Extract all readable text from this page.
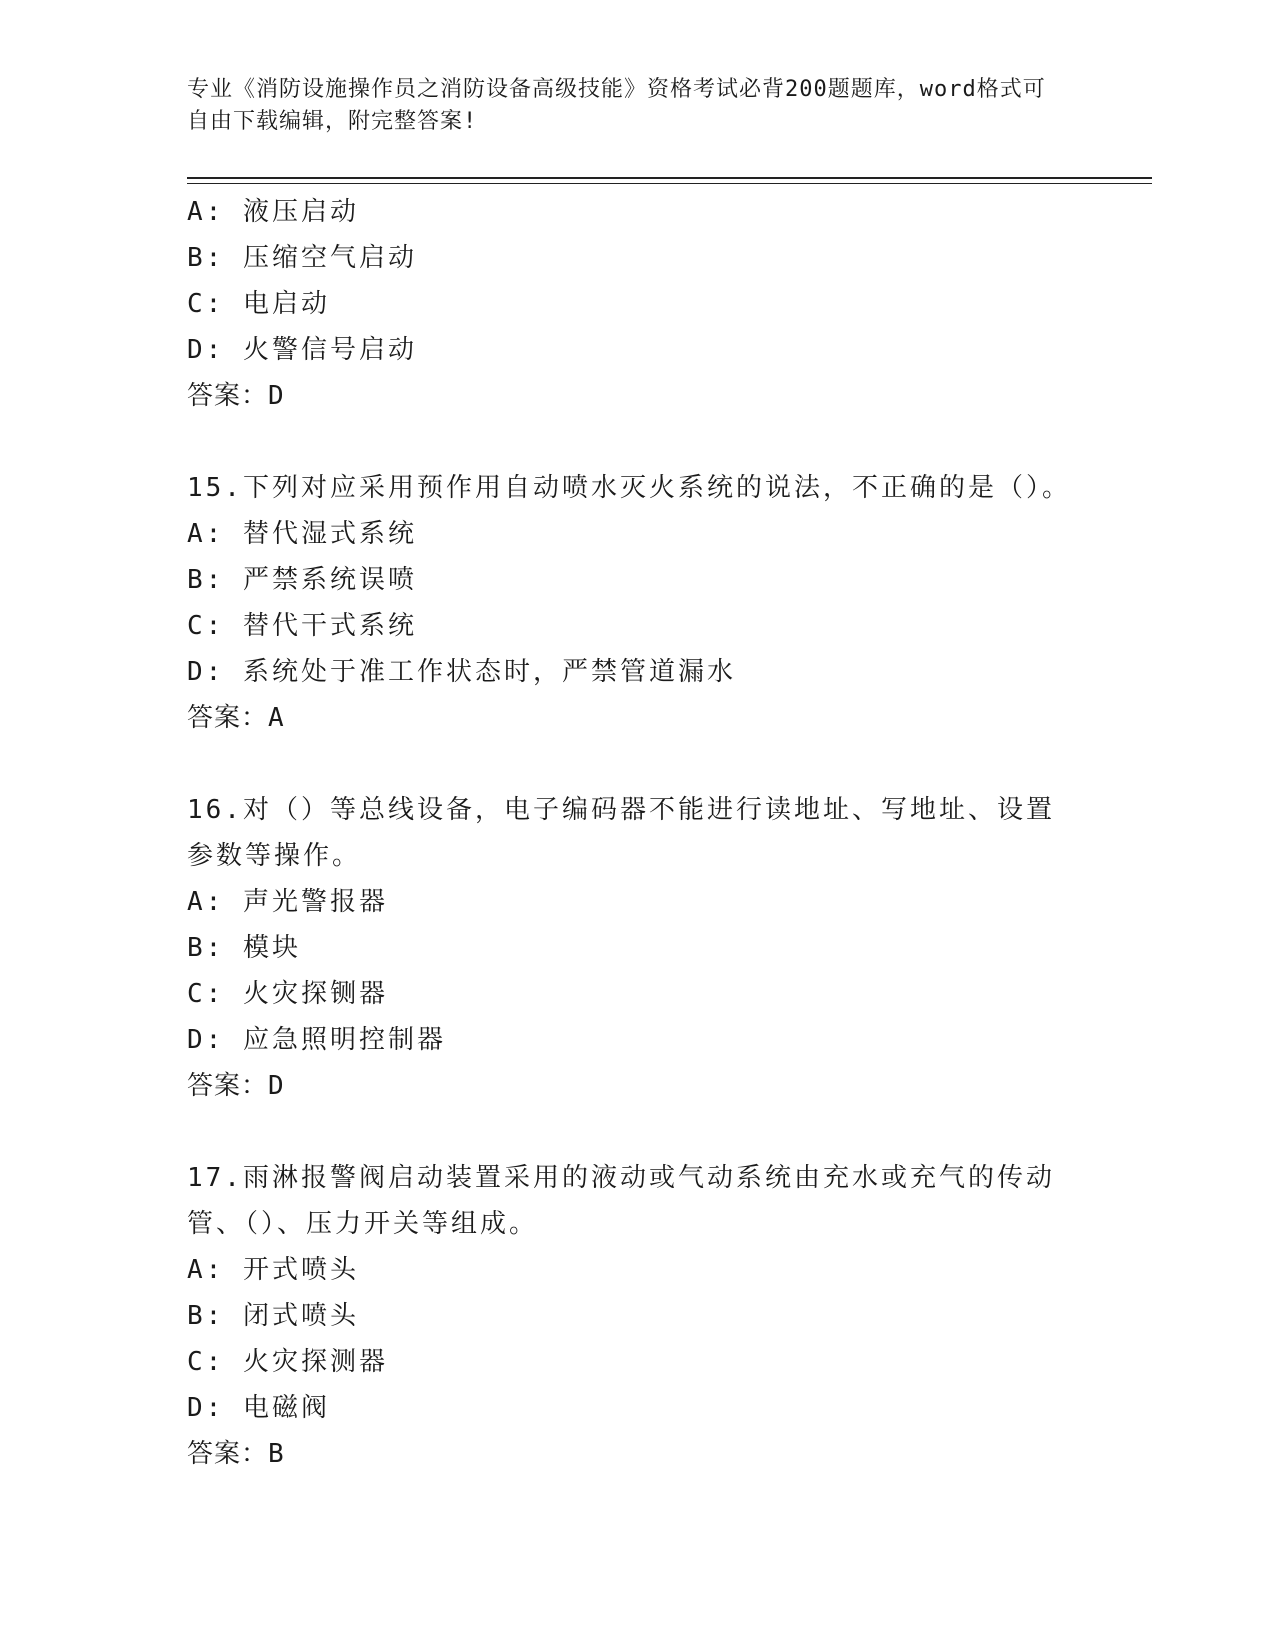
专业《消防设施操作员之消防设备高级技能》资格考试必背200题题库，word格式可自由下载编辑，附完整答案!
A: 液压启动
B: 压缩空气启动
C: 电启动
D: 火警信号启动
答案：D
15.下列对应采用预作用自动喷水灭火系统的说法，不正确的是（）。
A: 替代湿式系统
B: 严禁系统误喷
C: 替代干式系统
D: 系统处于准工作状态时，严禁管道漏水
答案：A
16.对（）等总线设备，电子编码器不能进行读地址、写地址、设置参数等操作。
A: 声光警报器
B: 模块
C: 火灾探铡器
D: 应急照明控制器
答案：D
17.雨淋报警阀启动装置采用的液动或气动系统由充水或充气的传动管、（）、压力开关等组成。
A: 开式喷头
B: 闭式喷头
C: 火灾探测器
D: 电磁阀
答案：B
